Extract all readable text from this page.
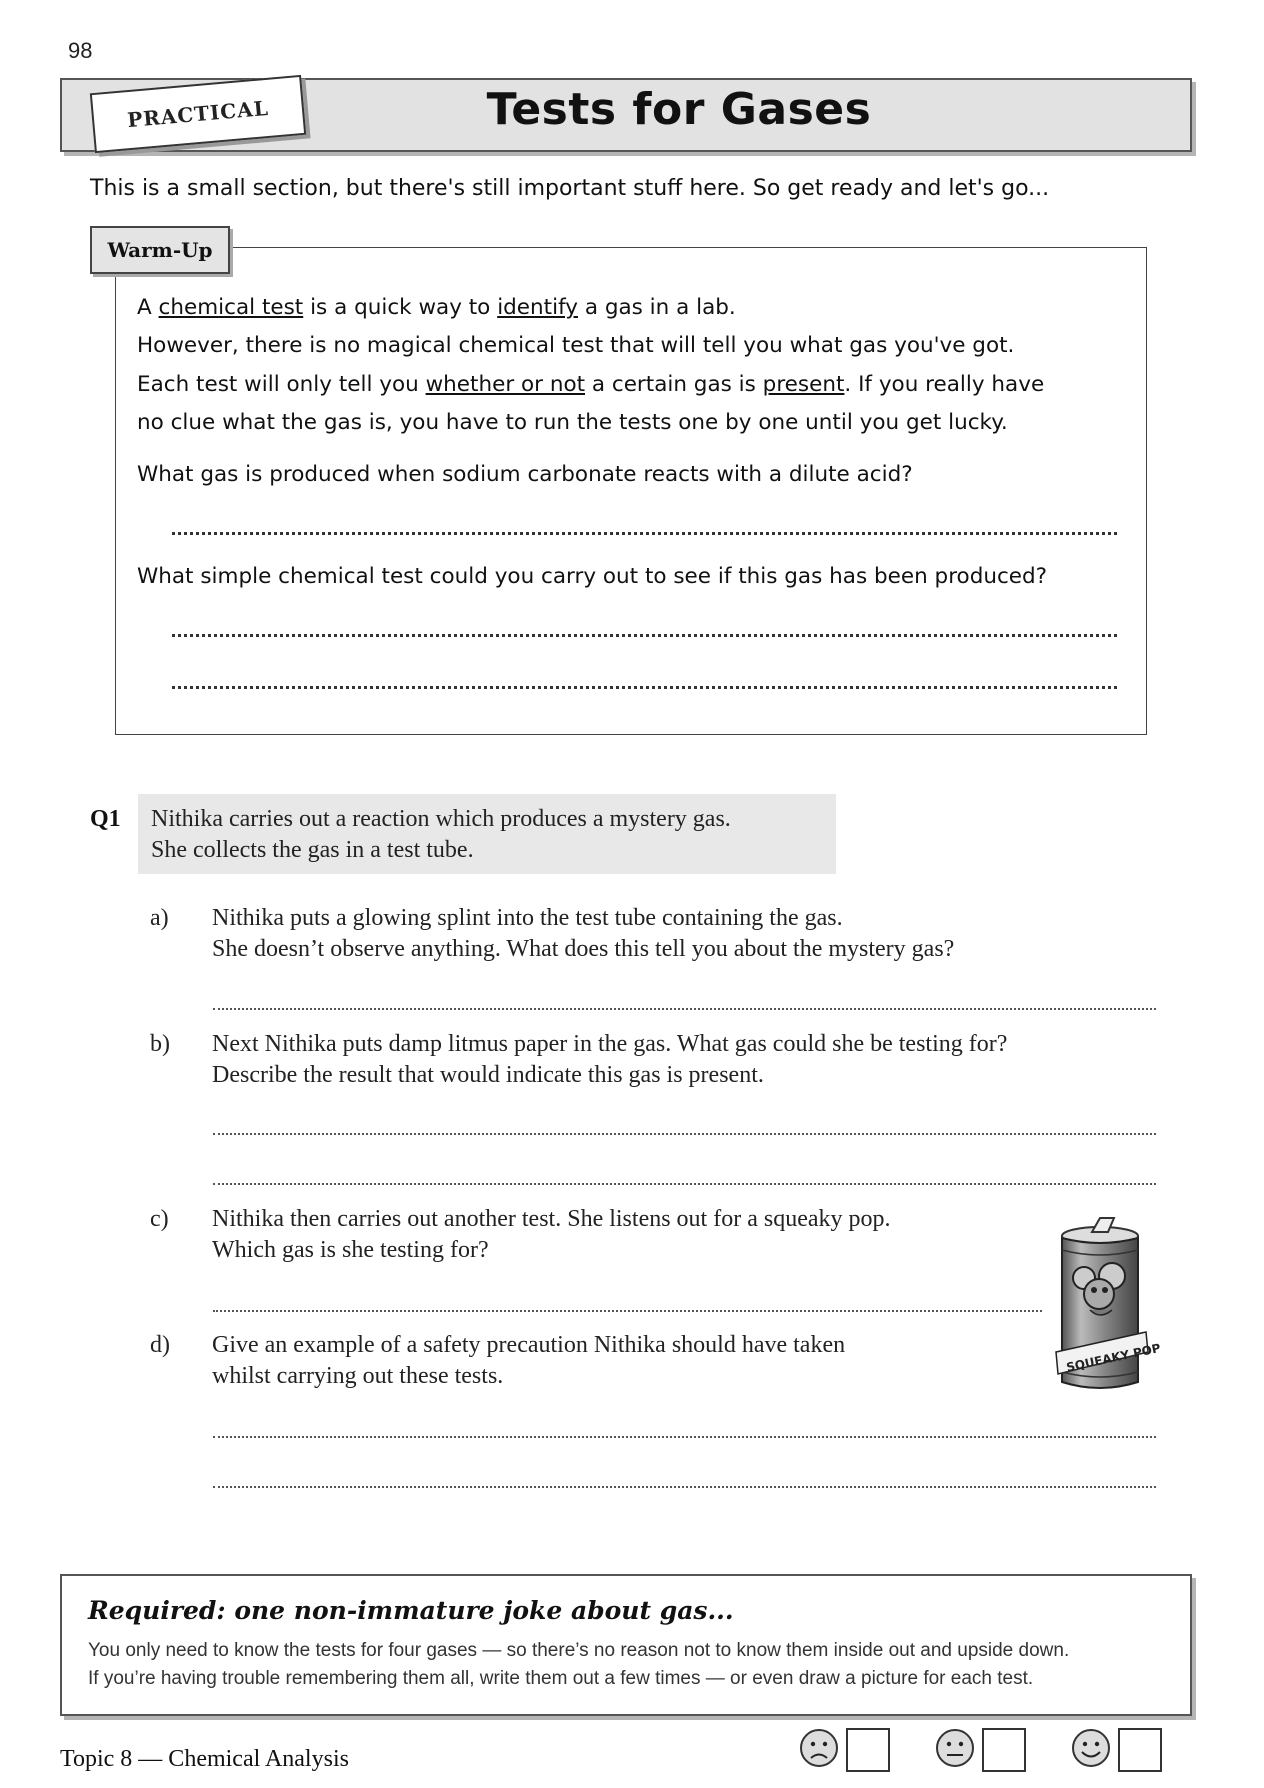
98
Tests for Gases
PRACTICAL
This is a small section, but there's still important stuff here. So get ready and let's go...
Warm-Up
A chemical test is a quick way to identify a gas in a lab.
However, there is no magical chemical test that will tell you what gas you've got.
Each test will only tell you whether or not a certain gas is present. If you really have
no clue what the gas is, you have to run the tests one by one until you get lucky.
What gas is produced when sodium carbonate reacts with a dilute acid?
What simple chemical test could you carry out to see if this gas has been produced?
Q1 Nithika carries out a reaction which produces a mystery gas.
She collects the gas in a test tube.
a) Nithika puts a glowing splint into the test tube containing the gas.
She doesn’t observe anything. What does this tell you about the mystery gas?
b) Next Nithika puts damp litmus paper in the gas. What gas could she be testing for?
Describe the result that would indicate this gas is present.
c) Nithika then carries out another test. She listens out for a squeaky pop.
Which gas is she testing for?
d) Give an example of a safety precaution Nithika should have taken
whilst carrying out these tests.
SQUEAKY POP
Required: one non-immature joke about gas...
You only need to know the tests for four gases — so there’s no reason not to know them inside out and upside down.
If you’re having trouble remembering them all, write them out a few times — or even draw a picture for each test.
Topic 8 — Chemical Analysis
